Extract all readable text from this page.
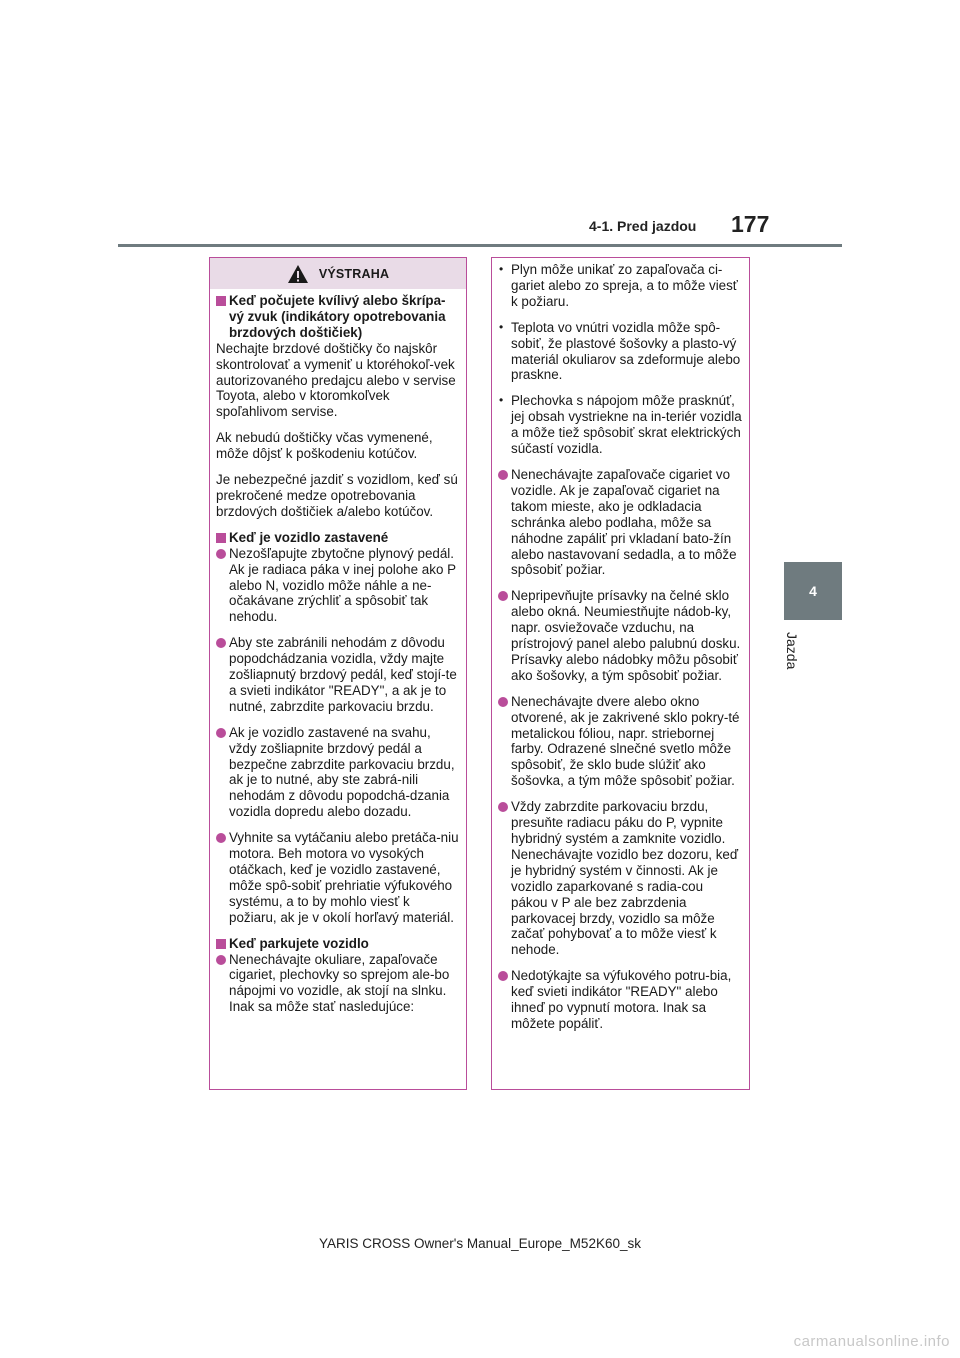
4-1. Pred jazdou 177
4
Jazda
VÝSTRAHA

Keď počujete kvílivý alebo škrípa-vý zvuk (indikátory opotrebovania brzdových doštičiek)

Nechajte brzdové doštičky čo najskôr skontrolovať a vymeniť u ktoréhokoľ-vek autorizovaného predajcu alebo v servise Toyota, alebo v ktoromkoľvek spoľahlivom servise.

Ak nebudú doštičky včas vymenené, môže dôjsť k poškodeniu kotúčov.

Je nebezpečné jazdiť s vozidlom, keď sú prekročené medze opotrebovania brzdových doštičiek a/alebo kotúčov.

Keď je vozidlo zastavené

Nezošľapujte zbytočne plynový pedál. Ak je radiaca páka v inej polohe ako P alebo N, vozidlo môže náhle a ne-očakávane zrýchliť a spôsobiť tak nehodu.

Aby ste zabránili nehodám z dôvodu popodchádzania vozidla, vždy majte zošliapnutý brzdový pedál, keď stojí-te a svieti indikátor "READY", a ak je to nutné, zabrzdite parkovaciu brzdu.

Ak je vozidlo zastavené na svahu, vždy zošliapnite brzdový pedál a bezpečne zabrzdite parkovaciu brzdu, ak je to nutné, aby ste zabrá-nili nehodám z dôvodu popodchá-dzania vozidla dopredu alebo dozadu.

Vyhnite sa vytáčaniu alebo pretáča-niu motora. Beh motora vo vysokých otáčkach, keď je vozidlo zastavené, môže spô-sobiť prehriatie výfukového systému, a to by mohlo viesť k požiaru, ak je v okolí horľavý materiál.

Keď parkujete vozidlo

Nenechávajte okuliare, zapaľovače cigariet, plechovky so sprejom ale-bo nápojmi vo vozidle, ak stojí na slnku. Inak sa môže stať nasledujúce:

• Plyn môže unikať zo zapaľovača ci-gariet alebo zo spreja, a to môže viesť k požiaru.

• Teplota vo vnútri vozidla môže spô-sobiť, že plastové šošovky a plasto-vý materiál okuliarov sa zdeformuje alebo praskne.

• Plechovka s nápojom môže prasknúť, jej obsah vystriekne na in-teriér vozidla a môže tiež spôsobiť skrat elektrických súčastí vozidla.

Nenechávajte zapaľovače cigariet vo vozidle. Ak je zapaľovač cigariet na takom mieste, ako je odkladacia schránka alebo podlaha, môže sa náhodne zapáliť pri vkladaní bato-žín alebo nastavovaní sedadla, a to môže spôsobiť požiar.

Nepripevňujte prísavky na čelné sklo alebo okná. Neumiestňujte nádob-ky, napr. osviežovače vzduchu, na prístrojový panel alebo palubnú dosku. Prísavky alebo nádobky môžu pôsobiť ako šošovky, a tým spôsobiť požiar.

Nenechávajte dvere alebo okno otvorené, ak je zakrivené sklo pokry-té metalickou fóliou, napr. striebornej farby. Odrazené slnečné svetlo môže spôsobiť, že sklo bude slúžiť ako šošovka, a tým môže spôsobiť požiar.

Vždy zabrzdite parkovaciu brzdu, presuňte radiacu páku do P, vypnite hybridný systém a zamknite vozidlo. Nenechávajte vozidlo bez dozoru, keď je hybridný systém v činnosti. Ak je vozidlo zaparkované s radia-cou pákou v P ale bez zabrzdenia parkovacej brzdy, vozidlo sa môže začať pohybovať a to môže viesť k nehode.

Nedotýkajte sa výfukového potru-bia, keď svieti indikátor "READY" alebo ihneď po vypnutí motora. Inak sa môžete popáliť.

YARIS CROSS Owner's Manual_Europe_M52K60_sk
carmanualsonline.info
